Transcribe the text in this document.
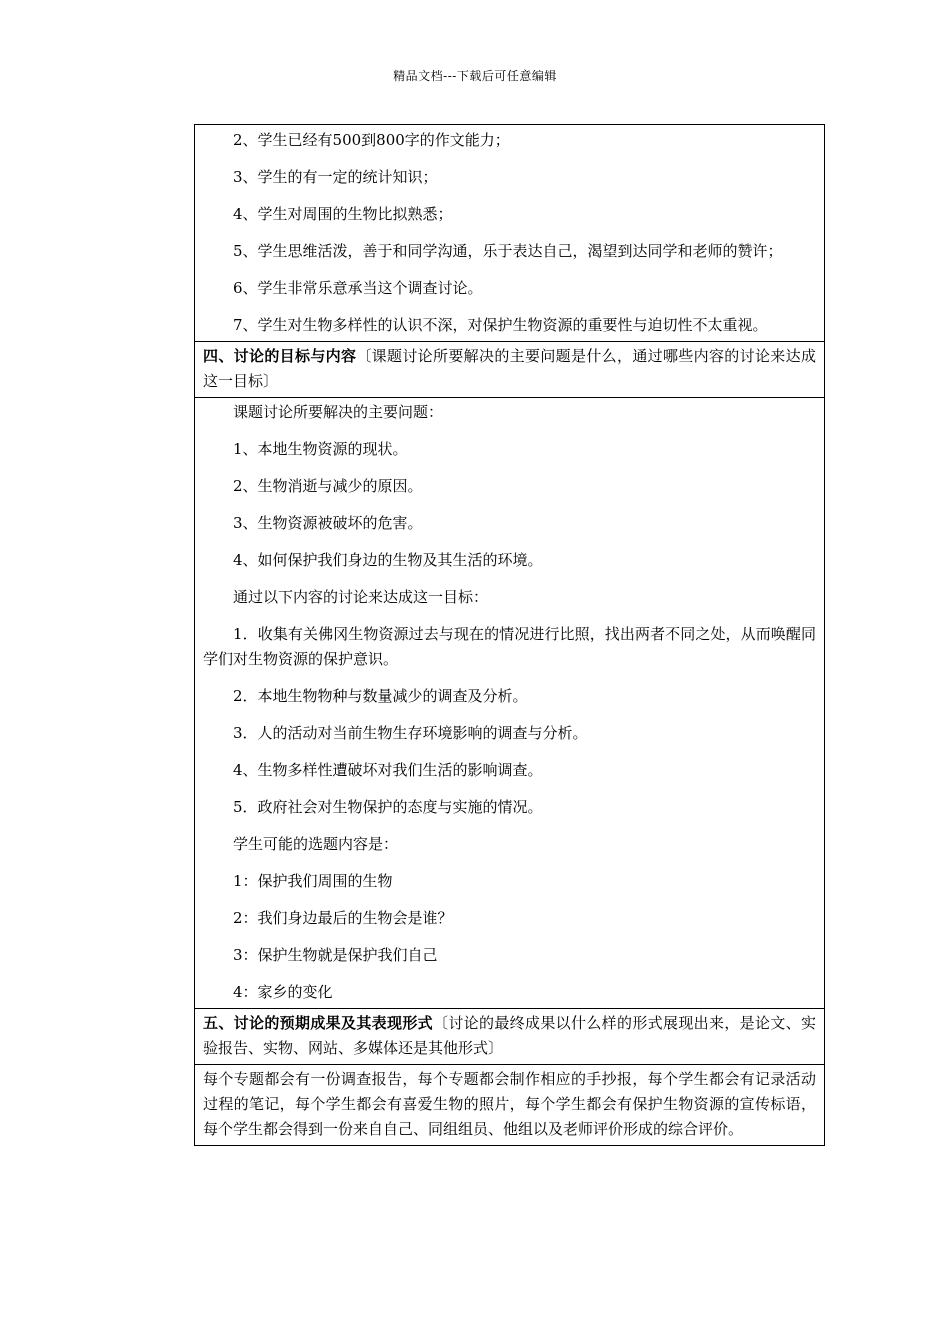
精品文档---下载后可任意编辑

2、学生已经有500到800字的作文能力；

3、学生的有一定的统计知识；

4、学生对周围的生物比拟熟悉；

5、学生思维活泼，善于和同学沟通，乐于表达自己，渴望到达同学和老师的赞许；

6、学生非常乐意承当这个调查讨论。

7、学生对生物多样性的认识不深，对保护生物资源的重要性与迫切性不太重视。

四、讨论的目标与内容〔课题讨论所要解决的主要问题是什么，通过哪些内容的讨论来达成这一目标〕

课题讨论所要解决的主要问题：

1、本地生物资源的现状。

2、生物消逝与减少的原因。

3、生物资源被破坏的危害。

4、如何保护我们身边的生物及其生活的环境。

通过以下内容的讨论来达成这一目标：

1．收集有关佛冈生物资源过去与现在的情况进行比照，找出两者不同之处，从而唤醒同学们对生物资源的保护意识。

2．本地生物物种与数量减少的调查及分析。

3．人的活动对当前生物生存环境影响的调查与分析。

4、生物多样性遭破坏对我们生活的影响调查。

5．政府社会对生物保护的态度与实施的情况。

学生可能的选题内容是：

1：保护我们周围的生物

2：我们身边最后的生物会是谁？

3：保护生物就是保护我们自己

4：家乡的变化

五、讨论的预期成果及其表现形式〔讨论的最终成果以什么样的形式展现出来，是论文、实验报告、实物、网站、多媒体还是其他形式〕

每个专题都会有一份调查报告，每个专题都会制作相应的手抄报，每个学生都会有记录活动过程的笔记，每个学生都会有喜爱生物的照片，每个学生都会有保护生物资源的宣传标语，每个学生都会得到一份来自自己、同组组员、他组以及老师评价形成的综合评价。
